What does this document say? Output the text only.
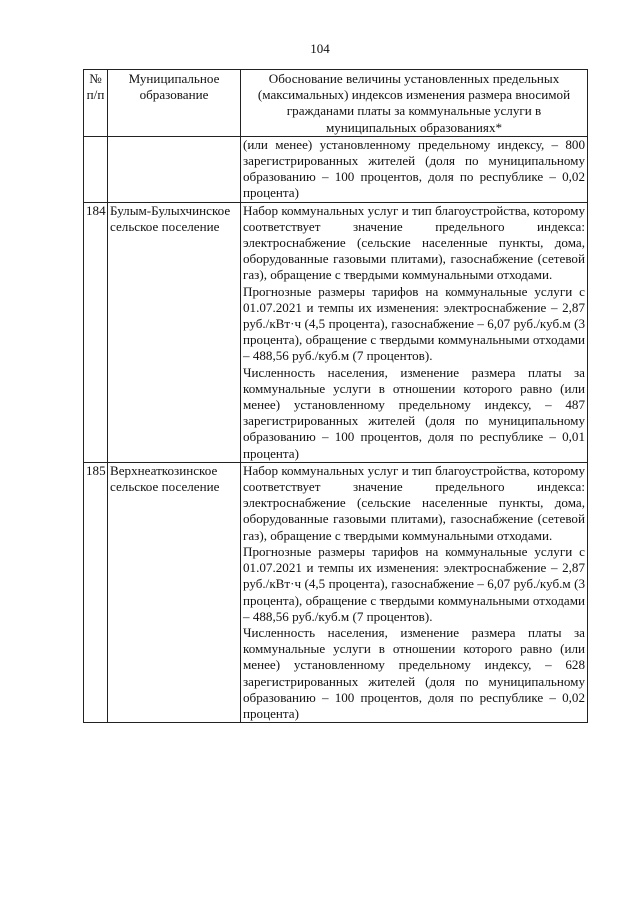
104
№ п/п	Муниципальное образование	Обоснование величины установленных предельных (максимальных) индексов изменения размера вносимой гражданами платы за коммунальные услуги в муниципальных образованиях*
		(или менее) установленному предельному индексу, – 800 зарегистрированных жителей (доля по муниципальному образованию – 100 процентов, доля по республике – 0,02 процента)
184	Булым-Булыхчинское сельское поселение	Набор коммунальных услуг и тип благоустройства, которому соответствует значение предельного индекса: электроснабжение (сельские населенные пункты, дома, оборудованные газовыми плитами), газоснабжение (сетевой газ), обращение с твердыми коммунальными отходами.

Прогнозные размеры тарифов на коммунальные услуги с 01.07.2021 и темпы их изменения: электроснабжение – 2,87 руб./кВт·ч (4,5 процента), газоснабжение – 6,07 руб./куб.м (3 процента), обращение с твердыми коммунальными отходами – 488,56 руб./куб.м (7 процентов).

Численность населения, изменение размера платы за коммунальные услуги в отношении которого равно (или менее) установленному предельному индексу, – 487 зарегистрированных жителей (доля по муниципальному образованию – 100 процентов, доля по республике – 0,01 процента)

185	Верхнеаткозинское сельское поселение	Набор коммунальных услуг и тип благоустройства, которому соответствует значение предельного индекса: электроснабжение (сельские населенные пункты, дома, оборудованные газовыми плитами), газоснабжение (сетевой газ), обращение с твердыми коммунальными отходами.

Прогнозные размеры тарифов на коммунальные услуги с 01.07.2021 и темпы их изменения: электроснабжение – 2,87 руб./кВт·ч (4,5 процента), газоснабжение – 6,07 руб./куб.м (3 процента), обращение с твердыми коммунальными отходами – 488,56 руб./куб.м (7 процентов).

Численность населения, изменение размера платы за коммунальные услуги в отношении которого равно (или менее) установленному предельному индексу, – 628 зарегистрированных жителей (доля по муниципальному образованию – 100 процентов, доля по республике – 0,02 процента)
